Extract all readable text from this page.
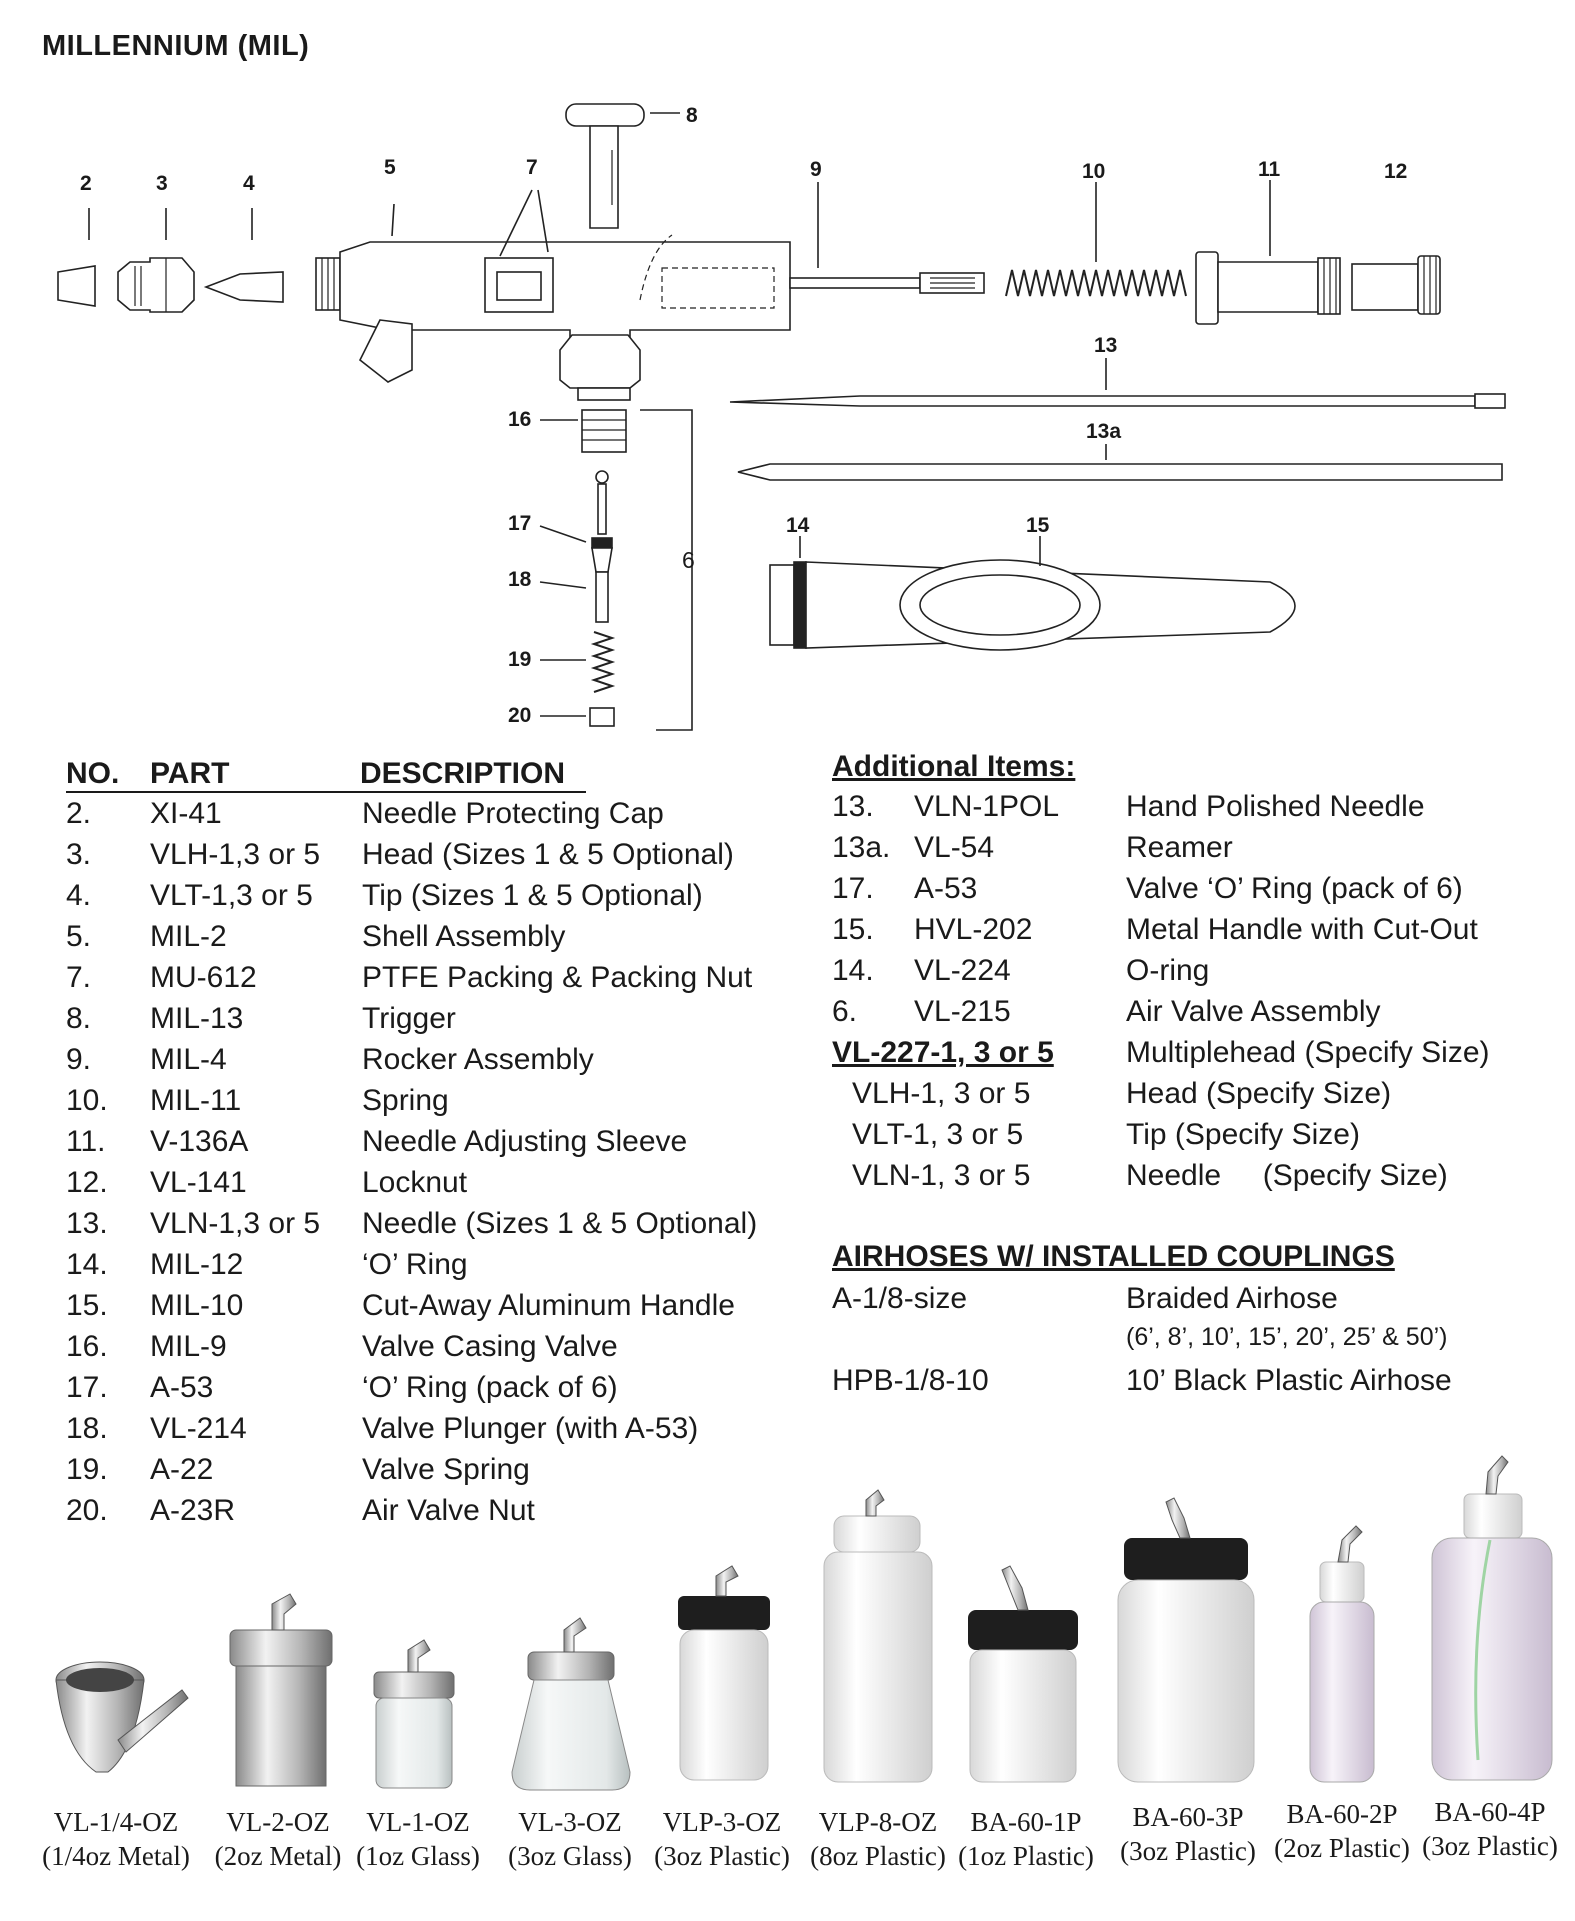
MILLENNIUM (MIL)
2	3	4
5	7
8
9	10	11	12
13
13a
14	15
16
6
17
18
19
20
NO. PART	DESCRIPTION
2. XI-41	Needle Protecting Cap
3. VLH-1,3 or 5 Head (Sizes 1 & 5 Optional)
4. VLT-1,3 or 5 Tip (Sizes 1 & 5 Optional)
5. MIL-2	Shell Assembly
7. MU-612	PTFE Packing & Packing Nut
8. MIL-13	Trigger
9. MIL-4	Rocker Assembly
10. MIL-11	Spring
11. V-136A	Needle Adjusting Sleeve
12. VL-141	Locknut
13. VLN-1,3 or 5 Needle (Sizes 1 & 5 Optional)
14. MIL-12	‘O’ Ring
15. MIL-10	Cut-Away Aluminum Handle
16. MIL-9	Valve Casing Valve
17. A-53	‘O’ Ring (pack of 6)
18. VL-214	Valve Plunger (with A-53)
19. A-22	Valve Spring
20. A-23R	Air Valve Nut
Additional Items:
13. VLN-1POL Hand Polished Needle
13a. VL-54	Reamer
17. A-53	Valve ‘O’ Ring (pack of 6)
15. HVL-202	Metal Handle with Cut-Out
14. VL-224	O-ring
6. VL-215	Air Valve Assembly
VL-227-1, 3 or 5 Multiplehead (Specify Size)
VLH-1, 3 or 5	Head (Specify Size)
VLT-1, 3 or 5	Tip (Specify Size)
VLN-1, 3 or 5	Needle     (Specify Size)
AIRHOSES W/ INSTALLED COUPLINGS
A-1/8-size	Braided Airhose
(6’, 8’, 10’, 15’, 20’, 25’ & 50’)
HPB-1/8-10	10’ Black Plastic Airhose
VL-1/4-OZ
(1/4oz Metal)
VL-2-OZ
(2oz Metal)
VL-1-OZ
(1oz Glass)
VL-3-OZ
(3oz Glass)
VLP-3-OZ
(3oz Plastic)
VLP-8-OZ
(8oz Plastic)
BA-60-1P
(1oz Plastic)
BA-60-3P
(3oz Plastic)
BA-60-2P
(2oz Plastic)
BA-60-4P
(3oz Plastic)
